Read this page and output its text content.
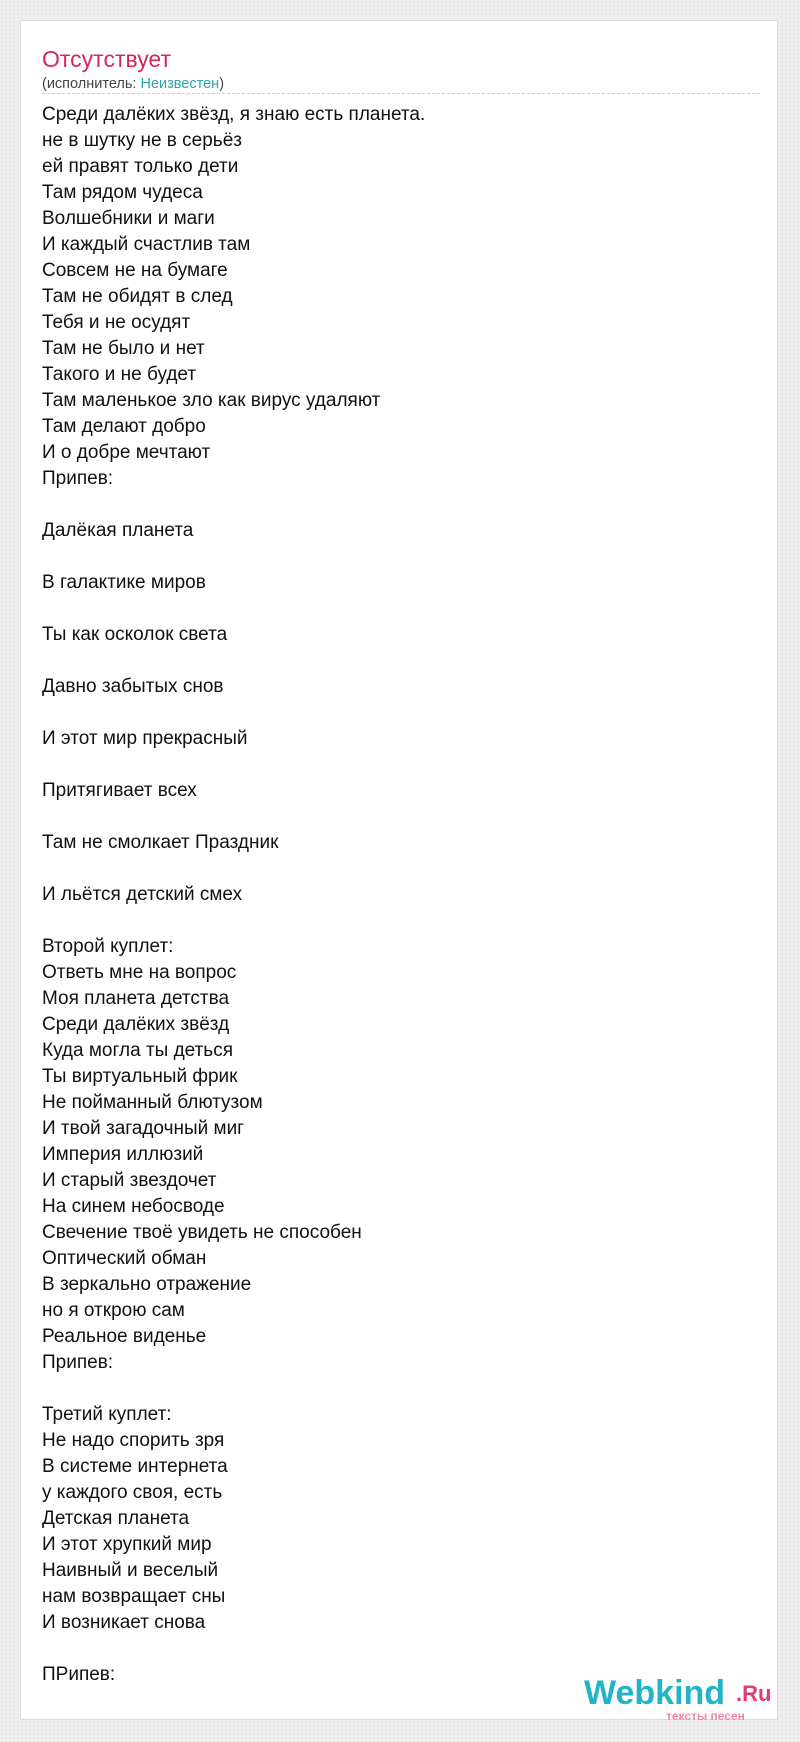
Отсутствует
(исполнитель: Неизвестен)
Среди далёких звёзд, я знаю есть планета.
не в шутку не в серьёз
ей правят только дети
Там рядом чудеса
Волшебники и маги
И каждый счастлив там
Совсем не на бумаге
Там не обидят в след
Тебя и не осудят
Там не было и нет
Такого и не будет
Там маленькое зло как вирус удаляют
Там делают добро
И о добре мечтают
Припев:
Далёкая планета
В галактике миров
Ты как осколок света
Давно забытых снов
И этот мир прекрасный
Притягивает всех
Там не смолкает Праздник
И льётся детский смех
Второй куплет:
Ответь мне на вопрос
Моя планета детства
Среди далёких звёзд
Куда могла ты деться
Ты виртуальный фрик
Не пойманный блютузом
И твой загадочный миг
Империя иллюзий
И старый звездочет
На синем небосводе
Свечение твоё увидеть не способен
Оптический обман
В зеркально отражение
но я открою сам
Реальное виденье
Припев:
Третий куплет:
Не надо спорить зря
В системе интернета
у каждого своя, есть
Детская планета
И этот хрупкий мир
Наивный и веселый
нам возвращает сны
И возникает снова
ПРипев:	Webkind .Ru
тексты песен
